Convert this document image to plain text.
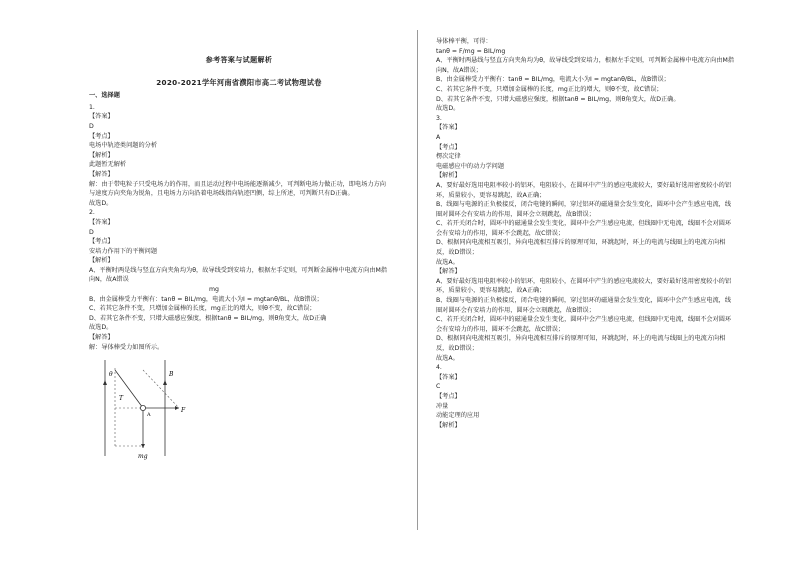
参考答案与试题解析
2020-2021学年河南省濮阳市高二考试物理试卷
一、选择题
1.
【答案】
D
【考点】
电场中轨迹类问题的分析
【解析】
此题暂无解析
【解答】
解：由于带电粒子只受电场力的作用，而且运动过程中电场能逐渐减少，可判断电场力做正功，即电场力方向与速度方向夹角为锐角，且电场力方向沿着电场线指向轨迹凹侧，综上所述，可判断只有D正确。
故选D。
2.
【答案】
D
【考点】
安培力作用下的平衡问题
【解析】
A、平衡时两是线与竖直方向夹角均为θ，故导线受到安培力，根据左手定则，可判断金属棒中电流方向由M指向N，故A错误
mg
B、由金属棒受力平衡有：tanθ = BIL/mg，电流大小为I = mgtanθ/BL，故B错误；
C、若其它条件不变，只增加金属棒的长度，mg正比的增大，则θ不变，故C错误；
D、若其它条件不变，只增大磁感应强度，根据tanθ = BIL/mg，则θ角变大，故D正确
故选D。
【解答】
解：导体棒受力如图所示。
θ	B
T
F
A
mg
导体棒平衡，可得：
tanθ = F/mg = BIL/mg
A、平衡时两悬线与竖直方向夹角均为θ，故导线受到安培力，根据左手定则，可判断金属棒中电流方向由M指向N，故A错误；
B、由金属棒受力平衡有：tanθ = BIL/mg，电流大小为I = mgtanθ/BL，故B错误；
C、若其它条件不变，只增加金属棒的长度，mg正比的增大，则θ不变，故C错误；
D、若其它条件不变，只增大磁感应强度，根据tanθ = BIL/mg，则θ角变大，故D正确。
故选D。
3.
【答案】
A
【考点】
楞次定律
电磁感应中的动力学问题
【解析】
A、要好最好选用电阻率较小的铝环，电阻较小，在圆环中产生的感应电流较大，要好最好选用密度较小的铝环，质量较小，更容易跳起，故A正确；
B、线圈与电源的正负极接反，闭合电键的瞬间，穿过铝环的磁通量会发生变化，圆环中会产生感应电流，线圈对圆环会有安培力的作用，圆环会立刻跳起，故B错误；
C、若开关闭合时，圆环中的磁通量会发生变化，圆环中会产生感应电流，但线圈中无电流，线圈不会对圆环会有安培力的作用，圆环不会跳起，故C错误；
D、根据同向电流相互吸引，异向电流相互排斥的原理可知，环跳起时，环上的电流与线圈上的电流方向相反，故D错误；
故选A。
【解答】
A、要好最好选用电阻率较小的铝环，电阻较小，在圆环中产生的感应电流较大，要好最好选用密度较小的铝环，质量较小，更容易跳起，故A正确；
B、线圈与电源的正负极接反，闭合电键的瞬间，穿过铝环的磁通量会发生变化，圆环中会产生感应电流，线圈对圆环会有安培力的作用，圆环会立刻跳起，故B错误；
C、若开关闭合时，圆环中的磁通量会发生变化，圆环中会产生感应电流，但线圈中无电流，线圈不会对圆环会有安培力的作用，圆环不会跳起，故C错误；
D、根据同向电流相互吸引，异向电流相互排斥的原理可知，环跳起时，环上的电流与线圈上的电流方向相反，故D错误；
故选A。
4.
【答案】
C
【考点】
冲量
动能定理的应用
【解析】
